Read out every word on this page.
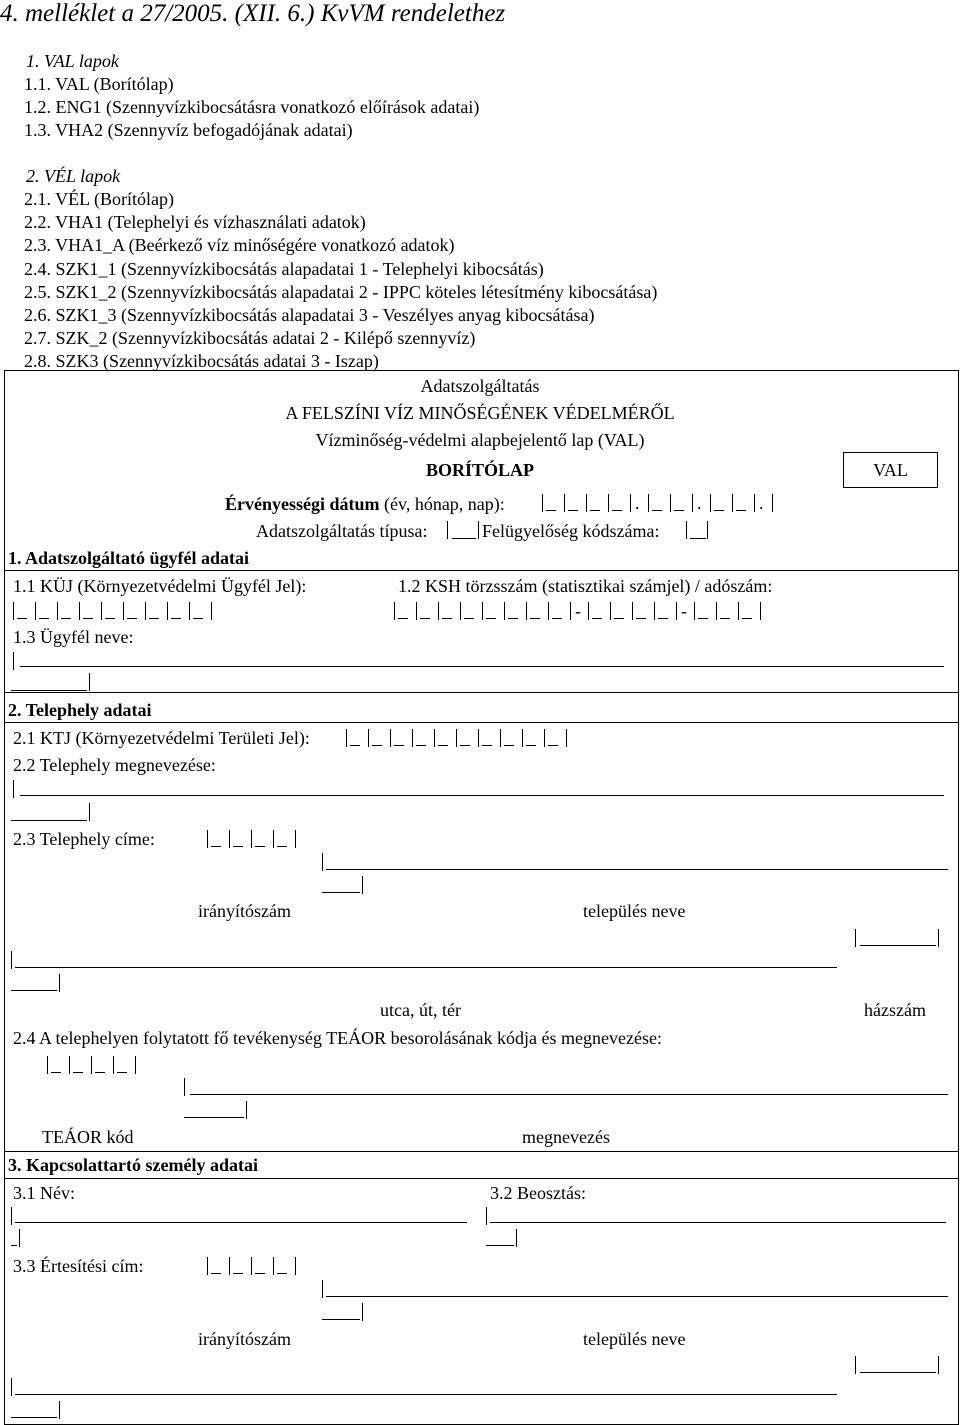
4. melléklet a 27/2005. (XII. 6.) KvVM rendelethez
1. VAL lapok
1.1. VAL (Borítólap)
1.2. ENG1 (Szennyvízkibocsátásra vonatkozó előírások adatai)
1.3. VHA2 (Szennyvíz befogadójának adatai)
2. VÉL lapok
2.1. VÉL (Borítólap)
2.2. VHA1 (Telephelyi és vízhasználati adatok)
2.3. VHA1_A (Beérkező víz minőségére vonatkozó adatok)
2.4. SZK1_1 (Szennyvízkibocsátás alapadatai 1 - Telephelyi kibocsátás)
2.5. SZK1_2 (Szennyvízkibocsátás alapadatai 2 - IPPC köteles létesítmény kibocsátása)
2.6. SZK1_3 (Szennyvízkibocsátás alapadatai 3 - Veszélyes anyag kibocsátása)
2.7. SZK_2 (Szennyvízkibocsátás adatai 2 - Kilépő szennyvíz)
2.8. SZK3 (Szennyvízkibocsátás adatai 3 - Iszap)
Adatszolgáltatás
A FELSZÍNI VÍZ MINŐSÉGÉNEK VÉDELMÉRŐL
Vízminőség-védelmi alapbejelentő lap (VAL)
BORÍTÓLAP	VAL
Érvényességi dátum (év, hónap, nap):	.	.	.
Adatszolgáltatás típusa:	Felügyelőség kódszáma:
1. Adatszolgáltató ügyfél adatai
1.1 KÜJ (Környezetvédelmi Ügyfél Jel):	1.2 KSH törzsszám (statisztikai számjel) / adószám:
-	-
1.3 Ügyfél neve:
2. Telephely adatai
2.1 KTJ (Környezetvédelmi Területi Jel):
2.2 Telephely megnevezése:
2.3 Telephely címe:
irányítószám	település neve
utca, út, tér	házszám
2.4 A telephelyen folytatott fő tevékenység TEÁOR besorolásának kódja és megnevezése:
TEÁOR kód	megnevezés
3. Kapcsolattartó személy adatai
3.1 Név:	3.2 Beosztás:
3.3 Értesítési cím:
irányítószám	település neve
